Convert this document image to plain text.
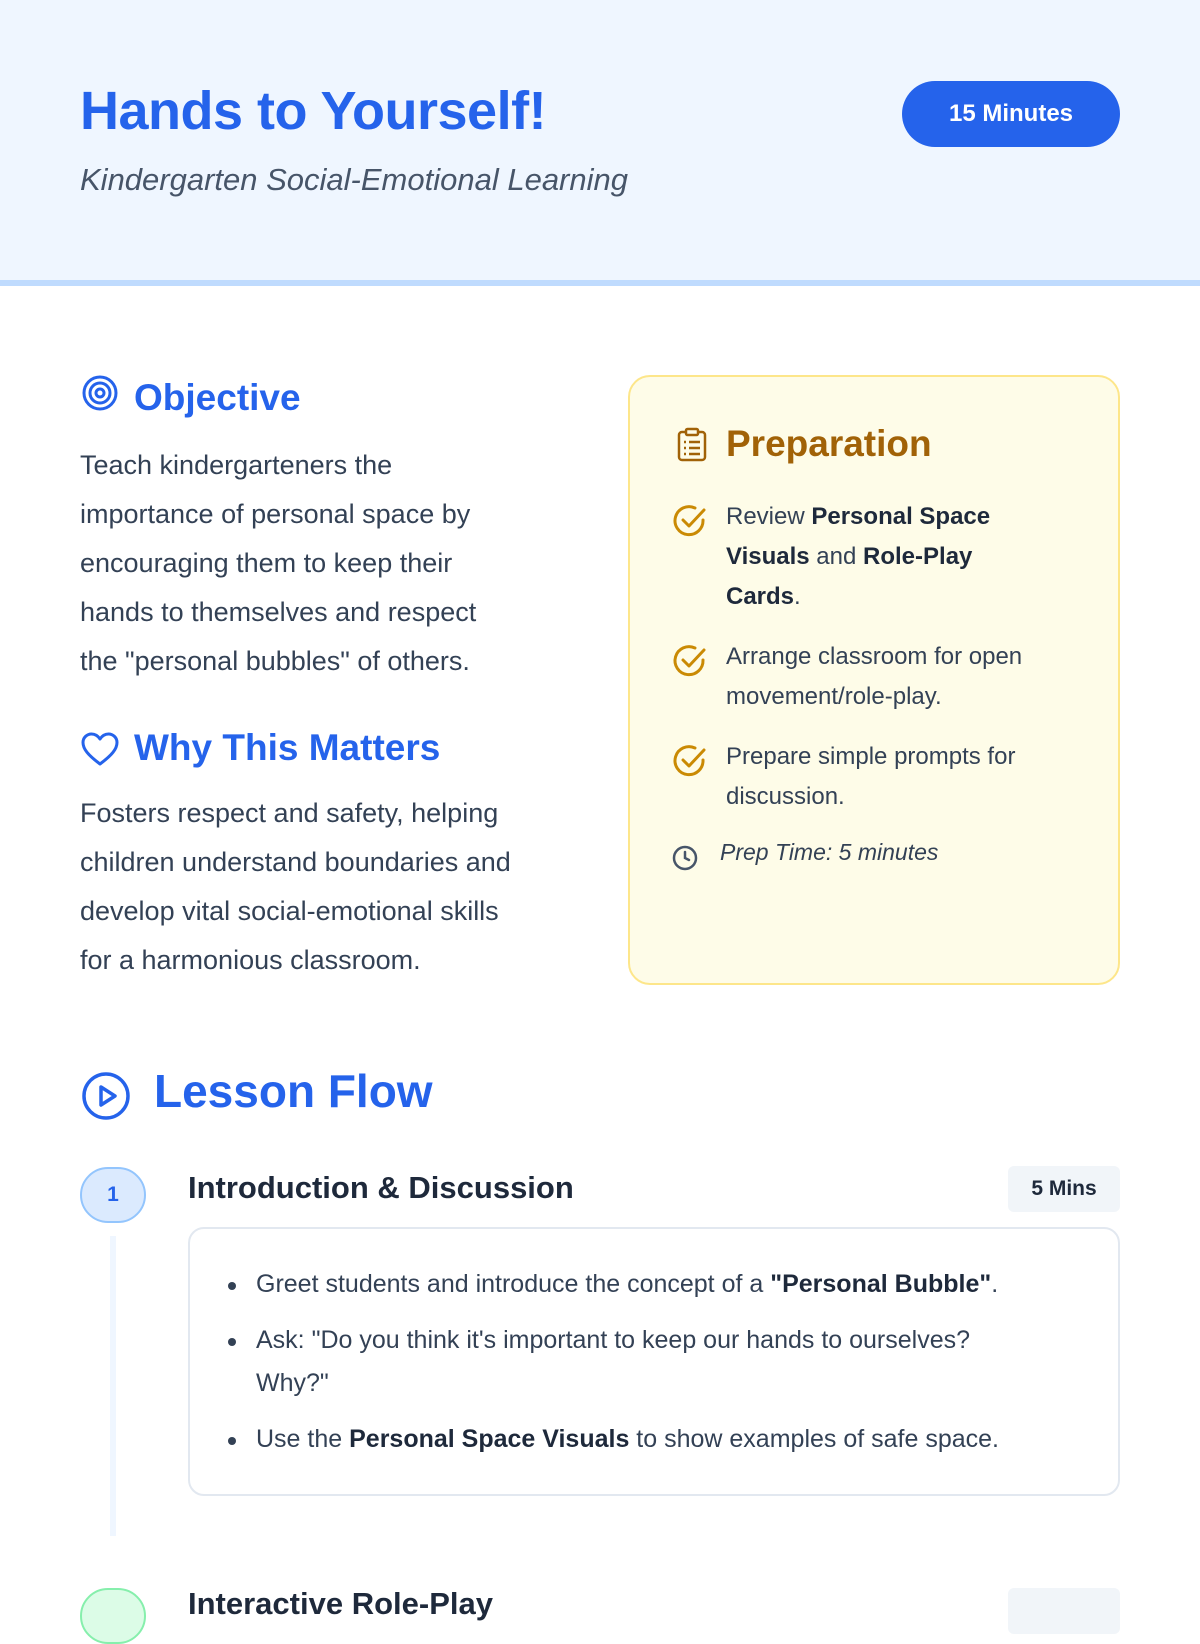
Hands to Yourself!
Kindergarten Social-Emotional Learning
15 Minutes
Objective
Teach kindergarteners the
importance of personal space by
encouraging them to keep their
hands to themselves and respect
the "personal bubbles" of others.
Why This Matters
Fosters respect and safety, helping
children understand boundaries and
develop vital social-emotional skills
for a harmonious classroom.
Preparation
Review Personal Space
Visuals and Role-Play
Cards.
Arrange classroom for open
movement/role-play.
Prepare simple prompts for
discussion.
Prep Time: 5 minutes
Lesson Flow
1	Introduction & Discussion	5 Mins
Greet students and introduce the concept of a "Personal Bubble".
Ask: "Do you think it's important to keep our hands to ourselves?
Why?"
Use the Personal Space Visuals to show examples of safe space.
Interactive Role-Play
